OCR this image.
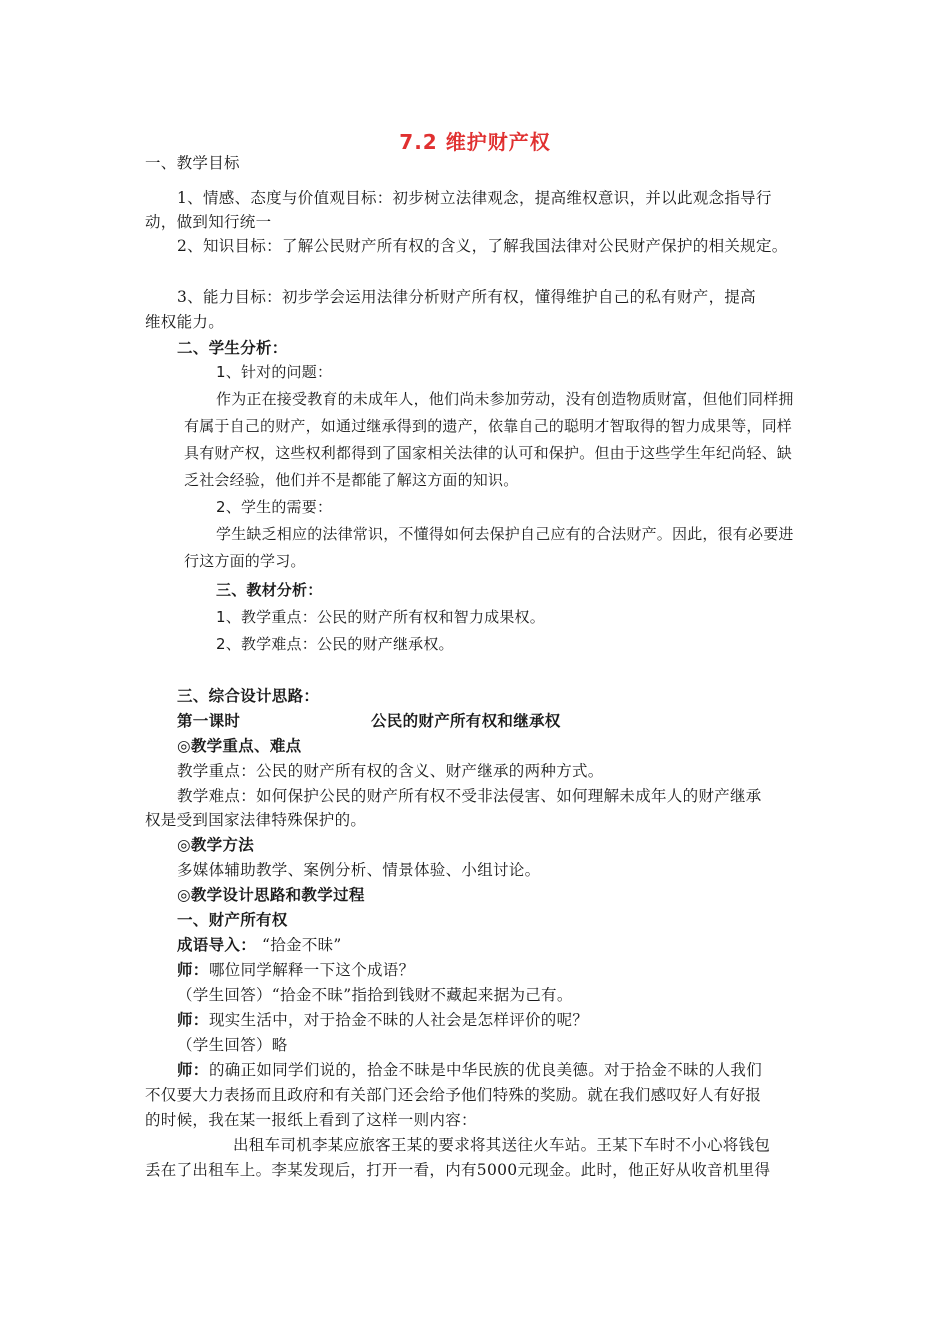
7.2 维护财产权
一、教学目标
1、情感、态度与价值观目标：初步树立法律观念，提高维权意识，并以此观念指导行
动，做到知行统一
2、知识目标：了解公民财产所有权的含义，了解我国法律对公民财产保护的相关规定。
3、能力目标：初步学会运用法律分析财产所有权，懂得维护自己的私有财产，提高
维权能力。
二、学生分析：
1、针对的问题：
作为正在接受教育的未成年人，他们尚未参加劳动，没有创造物质财富，但他们同样拥
有属于自己的财产，如通过继承得到的遗产，依靠自己的聪明才智取得的智力成果等，同样
具有财产权，这些权利都得到了国家相关法律的认可和保护。但由于这些学生年纪尚轻、缺
乏社会经验，他们并不是都能了解这方面的知识。
2、学生的需要：
学生缺乏相应的法律常识，不懂得如何去保护自己应有的合法财产。因此，很有必要进
行这方面的学习。
三、教材分析：
1、教学重点：公民的财产所有权和智力成果权。
2、教学难点：公民的财产继承权。
三、综合设计思路：
第一课时	公民的财产所有权和继承权
◎教学重点、难点
教学重点：公民的财产所有权的含义、财产继承的两种方式。
教学难点：如何保护公民的财产所有权不受非法侵害、如何理解未成年人的财产继承
权是受到国家法律特殊保护的。
◎教学方法
多媒体辅助教学、案例分析、情景体验、小组讨论。
◎教学设计思路和教学过程
一、财产所有权
成语导入： “拾金不昧”
师： 哪位同学解释一下这个成语？
（学生回答）“拾金不昧”指拾到钱财不藏起来据为己有。
师： 现实生活中，对于拾金不昧的人社会是怎样评价的呢？
（学生回答）略
师： 的确正如同学们说的，拾金不昧是中华民族的优良美德。对于拾金不昧的人我们
不仅要大力表扬而且政府和有关部门还会给予他们特殊的奖励。就在我们感叹好人有好报
的时候，我在某一报纸上看到了这样一则内容：
出租车司机李某应旅客王某的要求将其送往火车站。王某下车时不小心将钱包
丢在了出租车上。李某发现后，打开一看，内有5000元现金。此时，他正好从收音机里得
